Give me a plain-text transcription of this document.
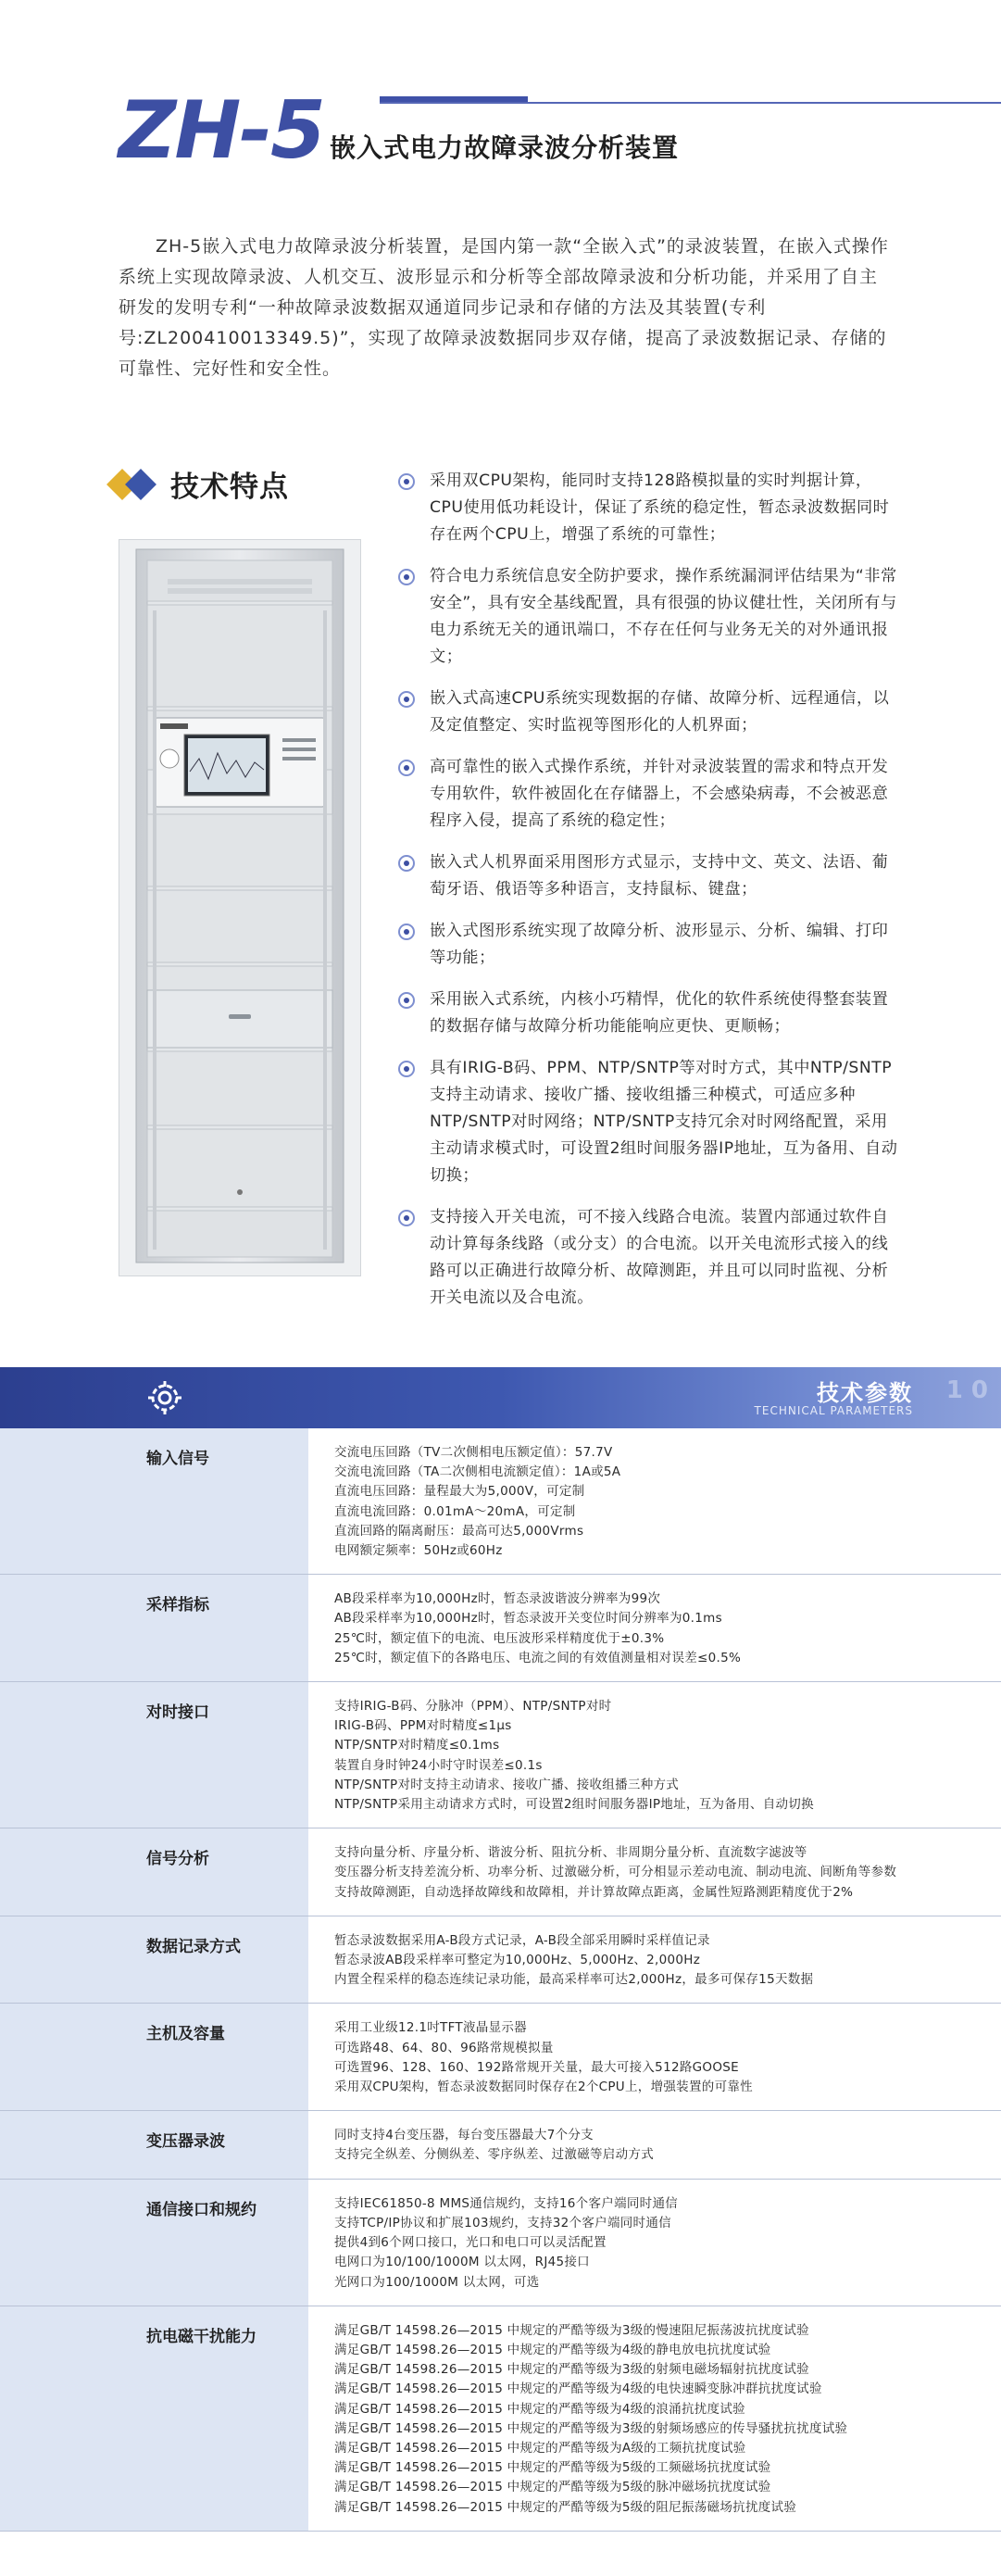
ZH-5 嵌入式电力故障录波分析装置

ZH-5嵌入式电力故障录波分析装置，是国内第一款“全嵌入式”的录波装置，在嵌入式操作系统上实现故障录波、人机交互、波形显示和分析等全部故障录波和分析功能，并采用了自主研发的发明专利“一种故障录波数据双通道同步记录和存储的方法及其装置(专利号:ZL200410013349.5)”，实现了故障录波数据同步双存储，提高了录波数据记录、存储的可靠性、完好性和安全性。

技术特点	采用双CPU架构，能同时支持128路模拟量的实时判据计算，CPU使用低功耗设计，保证了系统的稳定性，暂态录波数据同时存在两个CPU上，增强了系统的可靠性；
符合电力系统信息安全防护要求，操作系统漏洞评估结果为“非常安全”，具有安全基线配置，具有很强的协议健壮性，关闭所有与电力系统无关的通讯端口，不存在任何与业务无关的对外通讯报文；
嵌入式高速CPU系统实现数据的存储、故障分析、远程通信，以及定值整定、实时监视等图形化的人机界面；
高可靠性的嵌入式操作系统，并针对录波装置的需求和特点开发专用软件，软件被固化在存储器上，不会感染病毒，不会被恶意程序入侵，提高了系统的稳定性；
嵌入式人机界面采用图形方式显示，支持中文、英文、法语、葡萄牙语、俄语等多种语言，支持鼠标、键盘；
嵌入式图形系统实现了故障分析、波形显示、分析、编辑、打印等功能；
采用嵌入式系统，内核小巧精悍，优化的软件系统使得整套装置的数据存储与故障分析功能能响应更快、更顺畅；
具有IRIG-B码、PPM、NTP/SNTP等对时方式，其中NTP/SNTP支持主动请求、接收广播、接收组播三种模式，可适应多种NTP/SNTP对时网络；NTP/SNTP支持冗余对时网络配置，采用主动请求模式时，可设置2组时间服务器IP地址，互为备用、自动切换；
支持接入开关电流，可不接入线路合电流。装置内部通过软件自动计算每条线路（或分支）的合电流。以开关电流形式接入的线路可以正确进行故障分析、故障测距，并且可以同时监视、分析开关电流以及合电流。
技术参数
TECHNICAL PARAMETERS
1 0
输入信号	交流电压回路（TV二次侧相电压额定值）：57.7V
交流电流回路（TA二次侧相电流额定值）：1A或5A
直流电压回路：量程最大为5,000V，可定制
直流电流回路：0.01mA～20mA，可定制
直流回路的隔离耐压：最高可达5,000Vrms
电网额定频率：50Hz或60Hz
采样指标	AB段采样率为10,000Hz时，暂态录波谐波分辨率为99次
AB段采样率为10,000Hz时，暂态录波开关变位时间分辨率为0.1ms
25℃时，额定值下的电流、电压波形采样精度优于±0.3%
25℃时，额定值下的各路电压、电流之间的有效值测量相对误差≤0.5%
对时接口	支持IRIG-B码、分脉冲（PPM）、NTP/SNTP对时
IRIG-B码、PPM对时精度≤1μs
NTP/SNTP对时精度≤0.1ms
装置自身时钟24小时守时误差≤0.1s
NTP/SNTP对时支持主动请求、接收广播、接收组播三种方式
NTP/SNTP采用主动请求方式时，可设置2组时间服务器IP地址，互为备用、自动切换
信号分析	支持向量分析、序量分析、谐波分析、阻抗分析、非周期分量分析、直流数字滤波等
变压器分析支持差流分析、功率分析、过激磁分析，可分相显示差动电流、制动电流、间断角等参数
支持故障测距，自动选择故障线和故障相，并计算故障点距离，金属性短路测距精度优于2%
数据记录方式	暂态录波数据采用A-B段方式记录，A-B段全部采用瞬时采样值记录
暂态录波AB段采样率可整定为10,000Hz、5,000Hz、2,000Hz
内置全程采样的稳态连续记录功能，最高采样率可达2,000Hz，最多可保存15天数据
主机及容量	采用工业级12.1吋TFT液晶显示器
可选路48、64、80、96路常规模拟量
可选置96、128、160、192路常规开关量，最大可接入512路GOOSE
采用双CPU架构，暂态录波数据同时保存在2个CPU上，增强装置的可靠性
变压器录波	同时支持4台变压器，每台变压器最大7个分支
支持完全纵差、分侧纵差、零序纵差、过激磁等启动方式
通信接口和规约	支持IEC61850-8 MMS通信规约，支持16个客户端同时通信
支持TCP/IP协议和扩展103规约，支持32个客户端同时通信
提供4到6个网口接口，光口和电口可以灵活配置
电网口为10/100/1000M 以太网，RJ45接口
光网口为100/1000M 以太网，可选
抗电磁干扰能力	满足GB/T 14598.26—2015 中规定的严酷等级为3级的慢速阻尼振荡波抗扰度试验
满足GB/T 14598.26—2015 中规定的严酷等级为4级的静电放电抗扰度试验
满足GB/T 14598.26—2015 中规定的严酷等级为3级的射频电磁场辐射抗扰度试验
满足GB/T 14598.26—2015 中规定的严酷等级为4级的电快速瞬变脉冲群抗扰度试验
满足GB/T 14598.26—2015 中规定的严酷等级为4级的浪涌抗扰度试验
满足GB/T 14598.26—2015 中规定的严酷等级为3级的射频场感应的传导骚扰抗扰度试验
满足GB/T 14598.26—2015 中规定的严酷等级为A级的工频抗扰度试验
满足GB/T 14598.26—2015 中规定的严酷等级为5级的工频磁场抗扰度试验
满足GB/T 14598.26—2015 中规定的严酷等级为5级的脉冲磁场抗扰度试验
满足GB/T 14598.26—2015 中规定的严酷等级为5级的阻尼振荡磁场抗扰度试验
